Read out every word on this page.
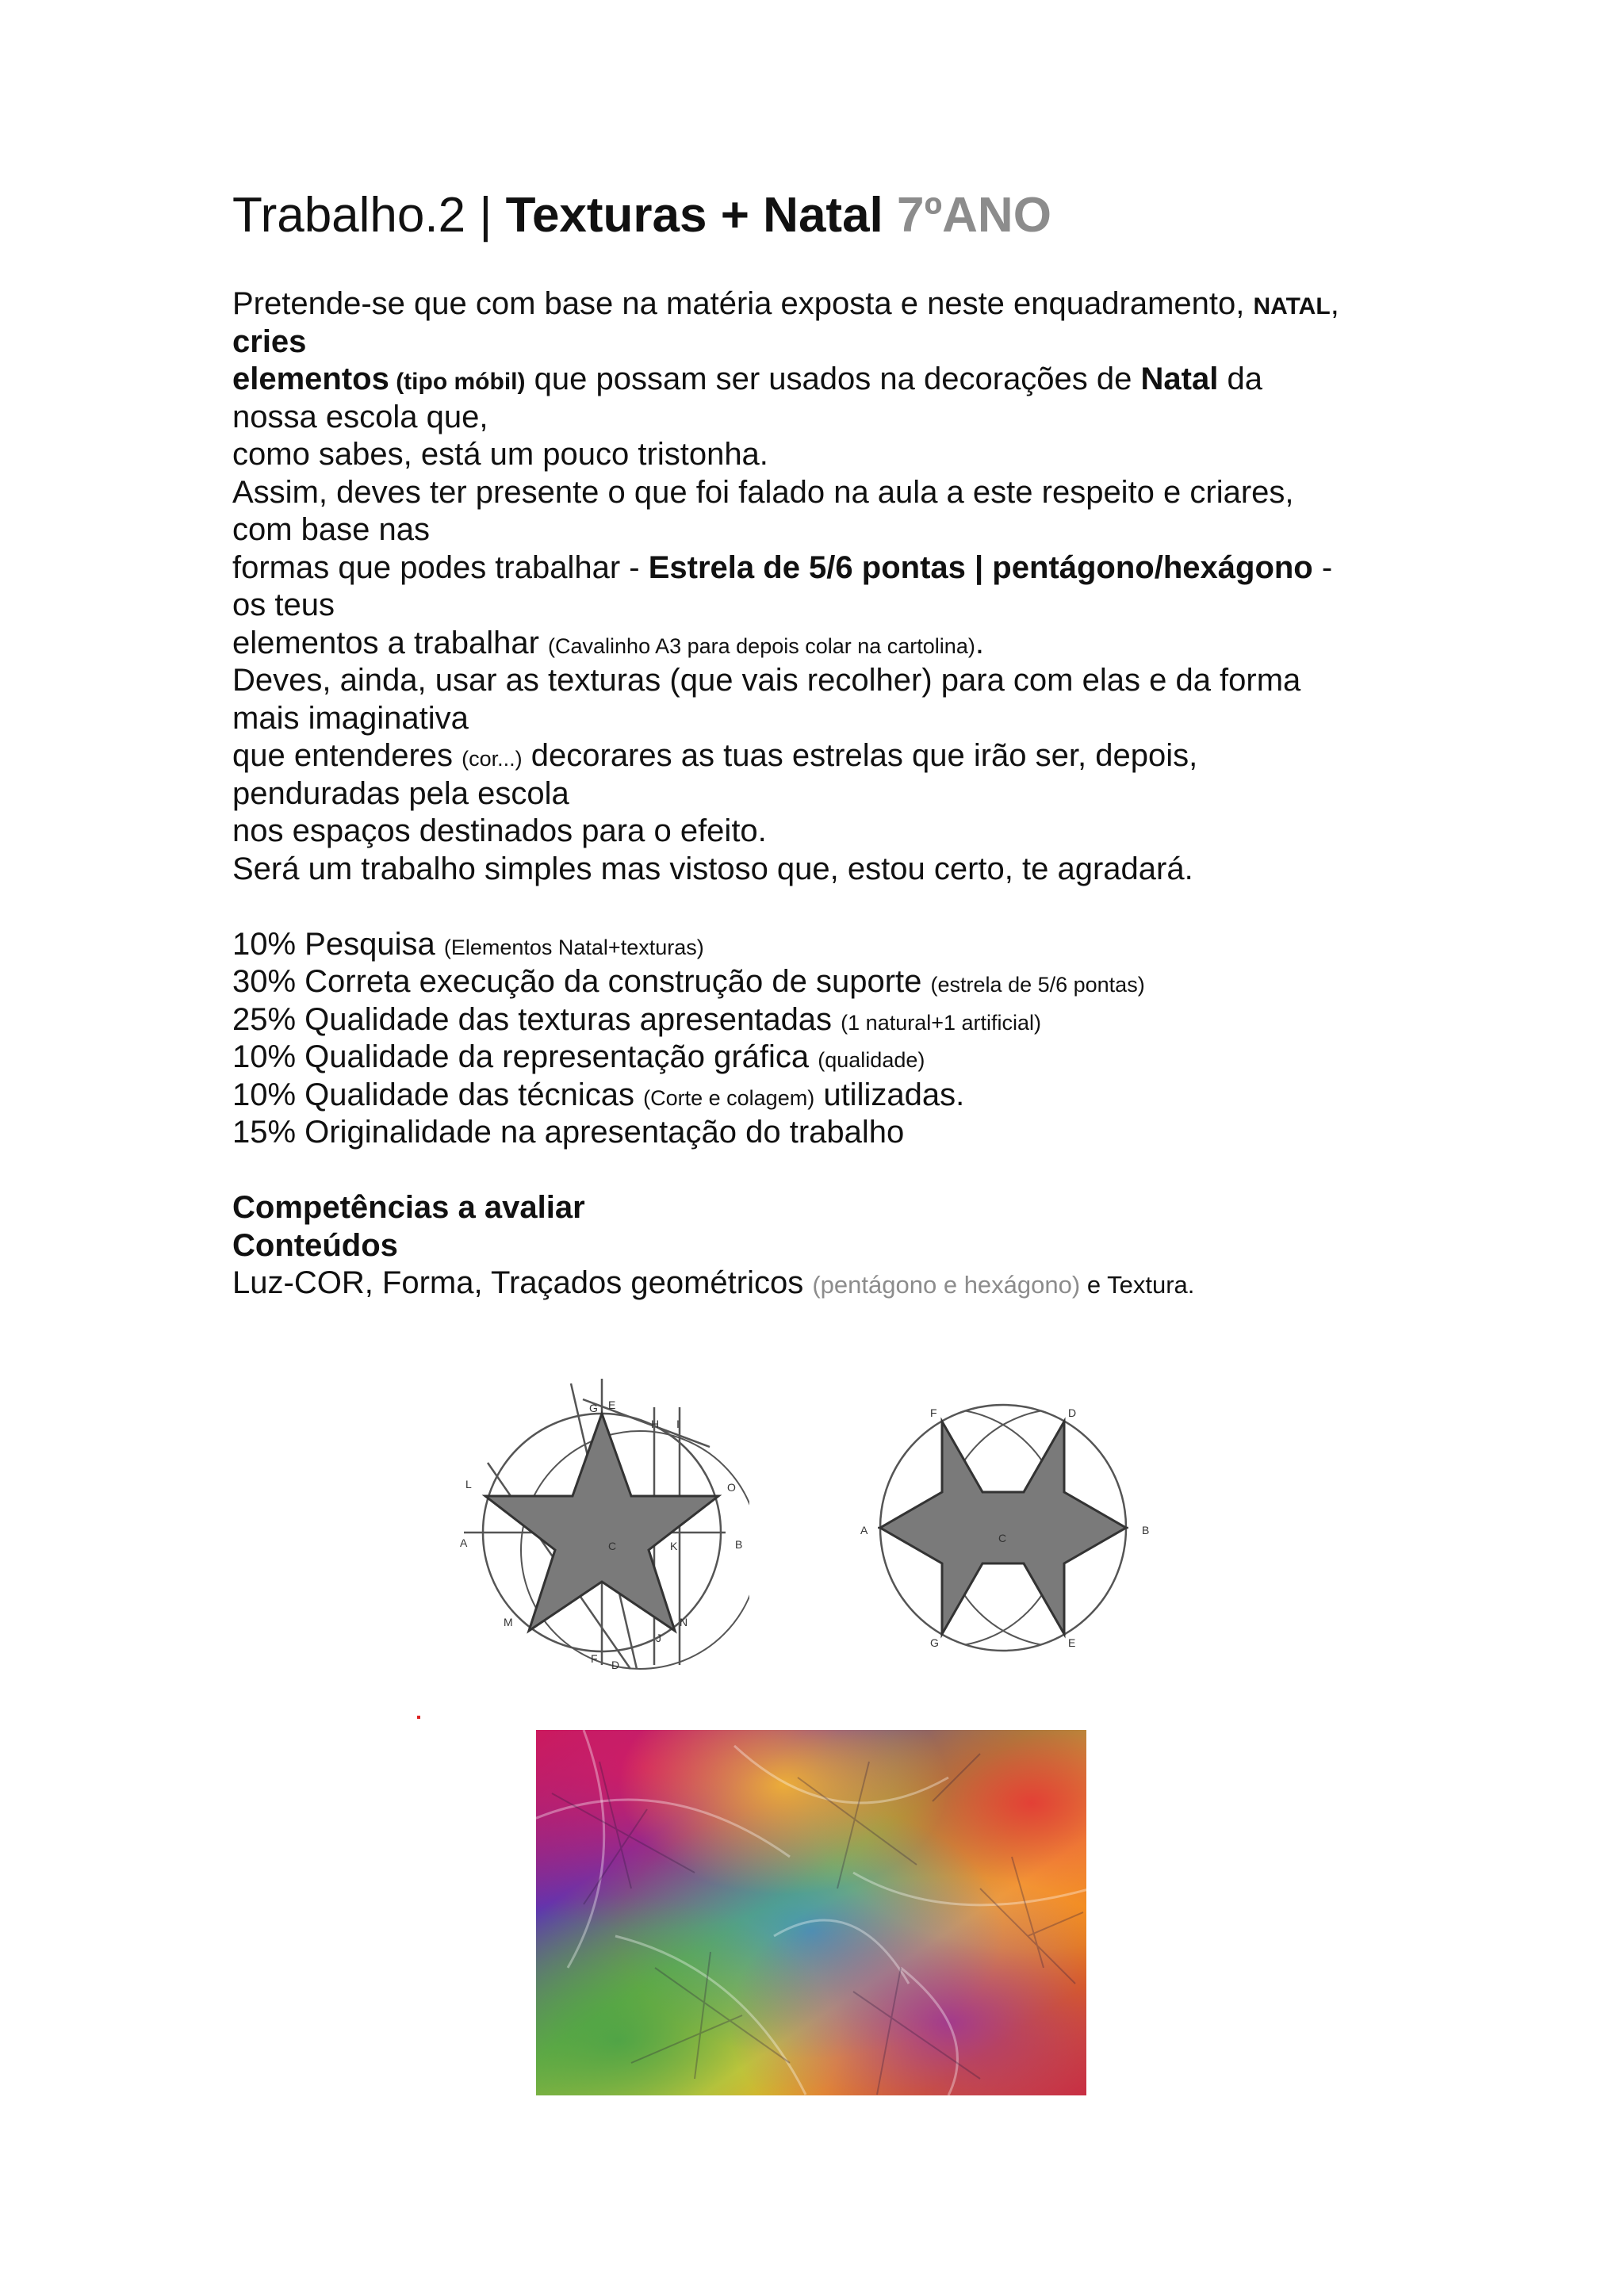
Trabalho.2 | Texturas + Natal 7ºANO
Pretende-se que com base na matéria exposta e neste enquadramento, NATAL,
cries
elementos (tipo móbil) que possam ser usados na decorações de Natal da
nossa escola que,
como sabes, está um pouco tristonha.
Assim, deves ter presente o que foi falado na aula a este respeito e criares,
com base nas
formas que podes trabalhar - Estrela de 5/6 pontas | pentágono/hexágono -
os teus
elementos a trabalhar (Cavalinho A3 para depois colar na cartolina).
Deves, ainda, usar as texturas (que vais recolher) para com elas e da forma
mais imaginativa
que entenderes (cor...) decorares as tuas estrelas que irão ser, depois,
penduradas pela escola
nos espaços destinados para o efeito.
Será um trabalho simples mas vistoso que, estou certo, te agradará.
10% Pesquisa (Elementos Natal+texturas)
30% Correta execução da construção de suporte (estrela de 5/6 pontas)
25% Qualidade das texturas apresentadas (1 natural+1 artificial)
10% Qualidade da representação gráfica (qualidade)
10% Qualidade das técnicas (Corte e colagem) utilizadas.
15% Originalidade na apresentação do trabalho
Competências a avaliar
Conteúdos
Luz-COR, Forma, Traçados geométricos (pentágono e hexágono) e Textura.
E
G
H I
L	O
A	C	K	B
M	N
F D
J
F	D
A
C
B
G	E
